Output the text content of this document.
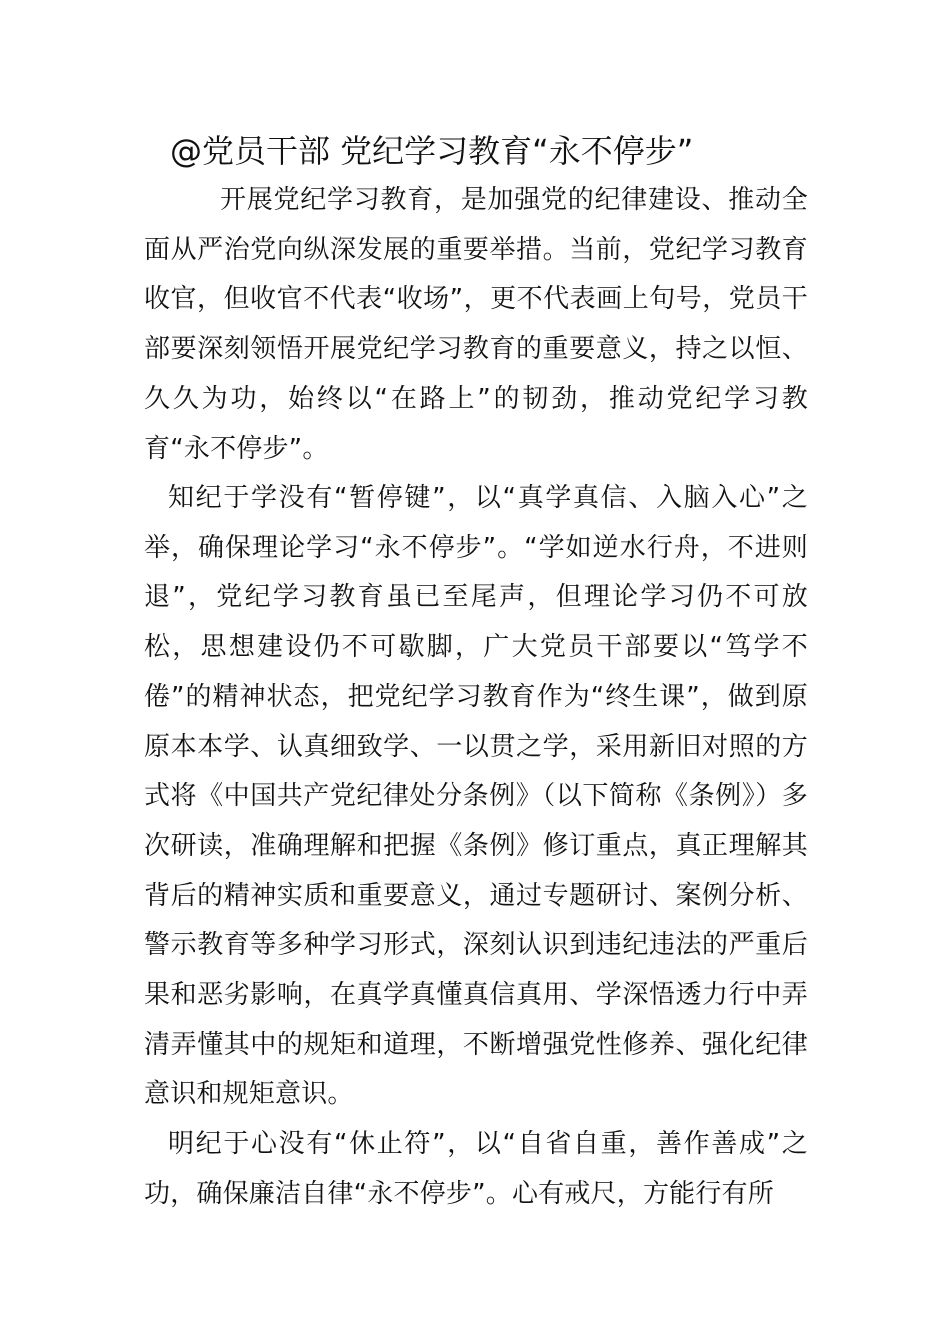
@党员干部 党纪学习教育“永不停步”

开展党纪学习教育，是加强党的纪律建设、推动全面从严治党向纵深发展的重要举措。当前，党纪学习教育收官，但收官不代表“收场”，更不代表画上句号，党员干部要深刻领悟开展党纪学习教育的重要意义，持之以恒、久久为功，始终以“在路上”的韧劲，推动党纪学习教育“永不停步”。

知纪于学没有“暂停键”，以“真学真信、入脑入心”之举，确保理论学习“永不停步”。“学如逆水行舟，不进则退”，党纪学习教育虽已至尾声，但理论学习仍不可放松，思想建设仍不可歇脚，广大党员干部要以“笃学不倦”的精神状态，把党纪学习教育作为“终生课”，做到原原本本学、认真细致学、一以贯之学，采用新旧对照的方式将《中国共产党纪律处分条例》（以下简称《条例》）多次研读，准确理解和把握《条例》修订重点，真正理解其背后的精神实质和重要意义，通过专题研讨、案例分析、警示教育等多种学习形式，深刻认识到违纪违法的严重后果和恶劣影响，在真学真懂真信真用、学深悟透力行中弄清弄懂其中的规矩和道理，不断增强党性修养、强化纪律意识和规矩意识。

明纪于心没有“休止符”，以“自省自重，善作善成”之功，确保廉洁自律“永不停步”。心有戒尺，方能行有所
